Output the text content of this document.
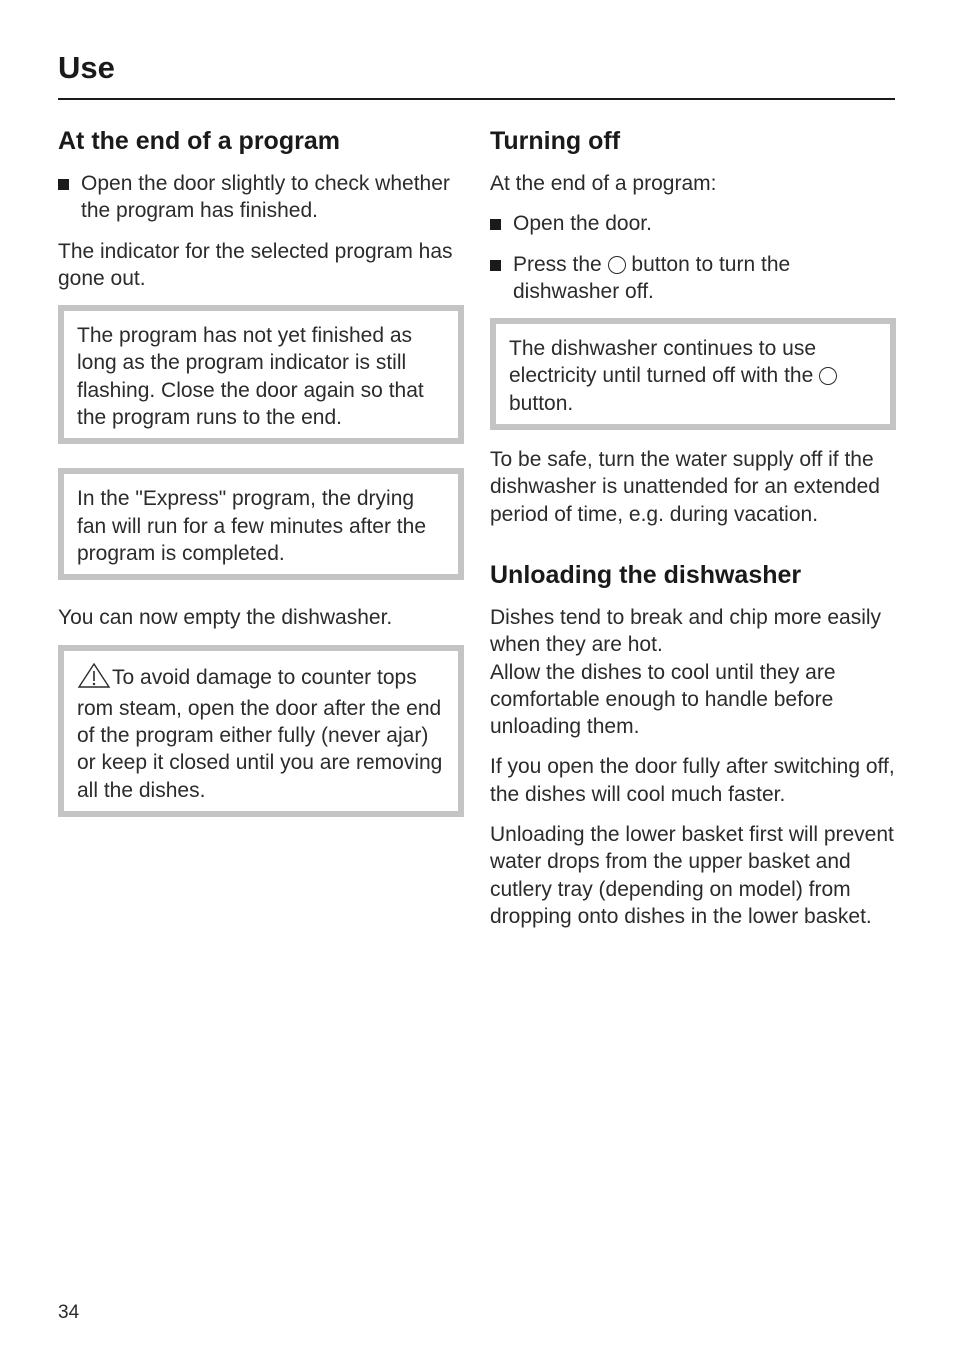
Use
At the end of a program
Open the door slightly to check whether the program has finished.

The indicator for the selected program has gone out.

The program has not yet finished as long as the program indicator is still flashing. Close the door again so that the program runs to the end.

In the "Express" program, the drying fan will run for a few minutes after the program is completed.

You can now empty the dishwasher.

To avoid damage to counter tops rom steam, open the door after the end of the program either fully (never ajar) or keep it closed until you are removing all the dishes.

Turning off

At the end of a program:

Open the door.
Press the button to turn the dishwasher off.

The dishwasher continues to use electricity until turned off with the  button.

To be safe, turn the water supply off if the dishwasher is unattended for an extended period of time, e.g. during vacation.

Unloading the dishwasher

Dishes tend to break and chip more easily when they are hot.
Allow the dishes to cool until they are comfortable enough to handle before unloading them.

If you open the door fully after switching off, the dishes will cool much faster.

Unloading the lower basket first will prevent water drops from the upper basket and cutlery tray (depending on model) from dropping onto dishes in the lower basket.

34
